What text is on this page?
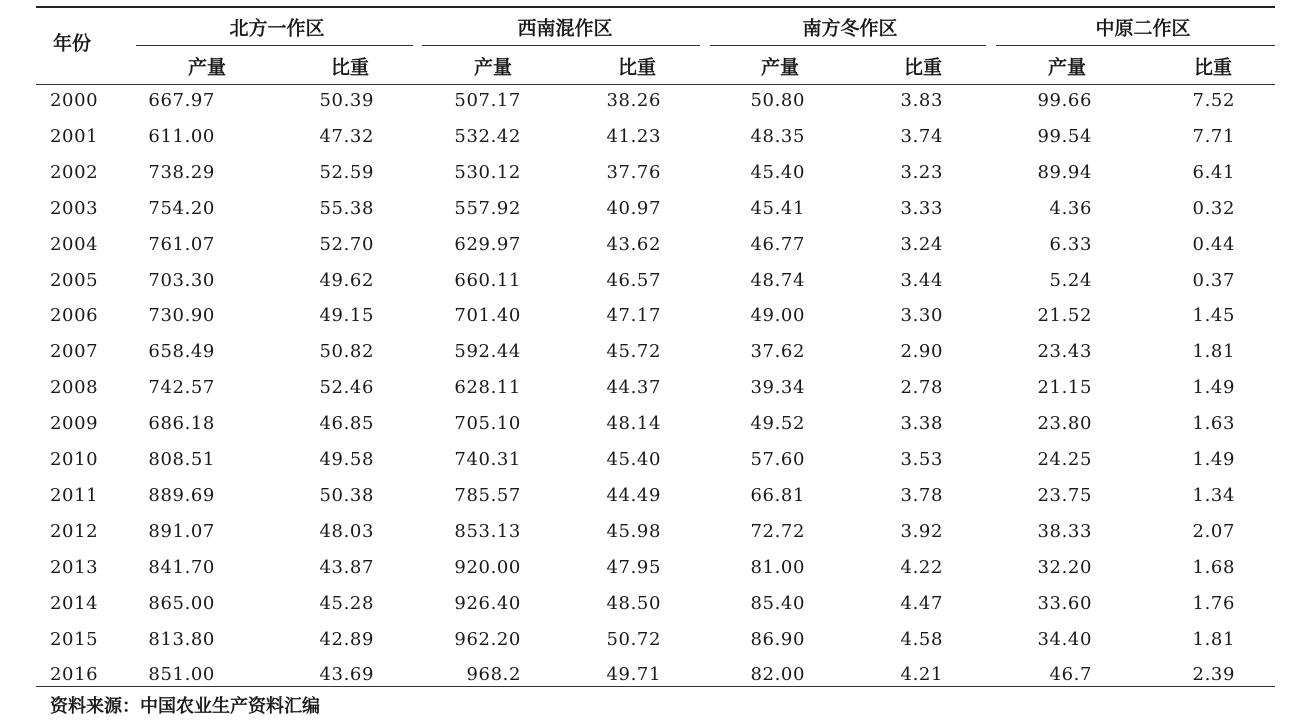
年份
北方一作区	西南混作区	南方冬作区	中原二作区
产量	比重	产量	比重	产量	比重	产量	比重
2000	667.97	50.39	507.17	38.26	50.80	3.83	99.66	7.52
2001	611.00	47.32	532.42	41.23	48.35	3.74	99.54	7.71
2002	738.29	52.59	530.12	37.76	45.40	3.23	89.94	6.41
2003	754.20	55.38	557.92	40.97	45.41	3.33	4.36	0.32
2004	761.07	52.70	629.97	43.62	46.77	3.24	6.33	0.44
2005	703.30	49.62	660.11	46.57	48.74	3.44	5.24	0.37
2006	730.90	49.15	701.40	47.17	49.00	3.30	21.52	1.45
2007	658.49	50.82	592.44	45.72	37.62	2.90	23.43	1.81
2008	742.57	52.46	628.11	44.37	39.34	2.78	21.15	1.49
2009	686.18	46.85	705.10	48.14	49.52	3.38	23.80	1.63
2010	808.51	49.58	740.31	45.40	57.60	3.53	24.25	1.49
2011	889.69	50.38	785.57	44.49	66.81	3.78	23.75	1.34
2012	891.07	48.03	853.13	45.98	72.72	3.92	38.33	2.07
2013	841.70	43.87	920.00	47.95	81.00	4.22	32.20	1.68
2014	865.00	45.28	926.40	48.50	85.40	4.47	33.60	1.76
2015	813.80	42.89	962.20	50.72	86.90	4.58	34.40	1.81
2016	851.00	43.69	968.2	49.71	82.00	4.21	46.7	2.39
资料来源：中国农业生产资料汇编
